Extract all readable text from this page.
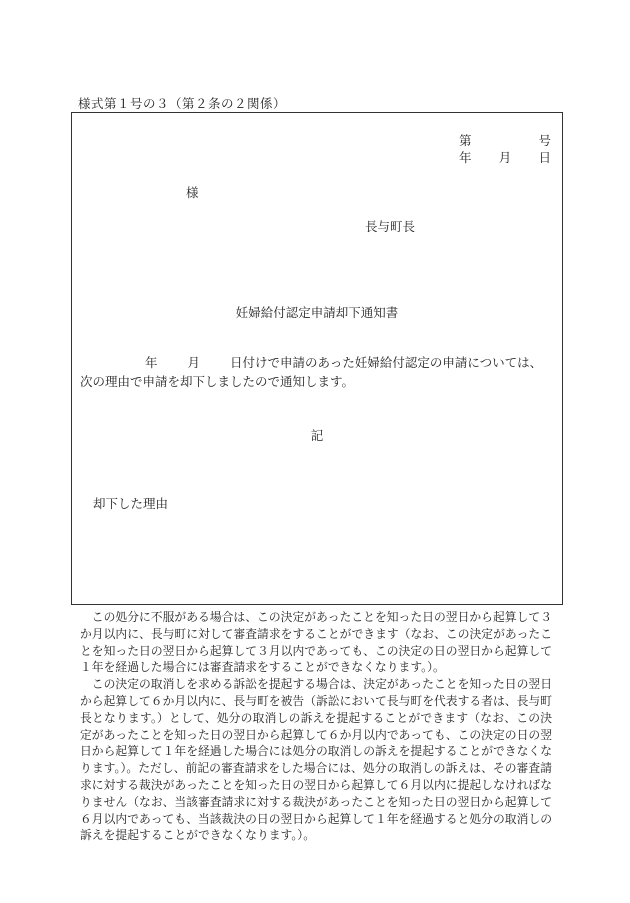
様式第１号の３（第２条の２関係）
第	号
年 月 日
様
長与町長
妊婦給付認定申請却下通知書
年 月 日付けで申請のあった妊婦給付認定の申請については、
次の理由で申請を却下しましたので通知します。
記
却下した理由

この処分に不服がある場合は、この決定があったことを知った日の翌日から起算して３か月以内に、長与町に対して審査請求をすることができます（なお、この決定があったことを知った日の翌日から起算して３月以内であっても、この決定の日の翌日から起算して１年を経過した場合には審査請求をすることができなくなります。）。

この決定の取消しを求める訴訟を提起する場合は、決定があったことを知った日の翌日から起算して６か月以内に、長与町を被告（訴訟において長与町を代表する者は、長与町長となります。）として、処分の取消しの訴えを提起することができます（なお、この決定があったことを知った日の翌日から起算して６か月以内であっても、この決定の日の翌日から起算して１年を経過した場合には処分の取消しの訴えを提起することができなくなります。）。ただし、前記の審査請求をした場合には、処分の取消しの訴えは、その審査請求に対する裁決があったことを知った日の翌日から起算して６月以内に提起しなければなりません（なお、当該審査請求に対する裁決があったことを知った日の翌日から起算して６月以内であっても、当該裁決の日の翌日から起算して１年を経過すると処分の取消しの訴えを提起することができなくなります。）。
